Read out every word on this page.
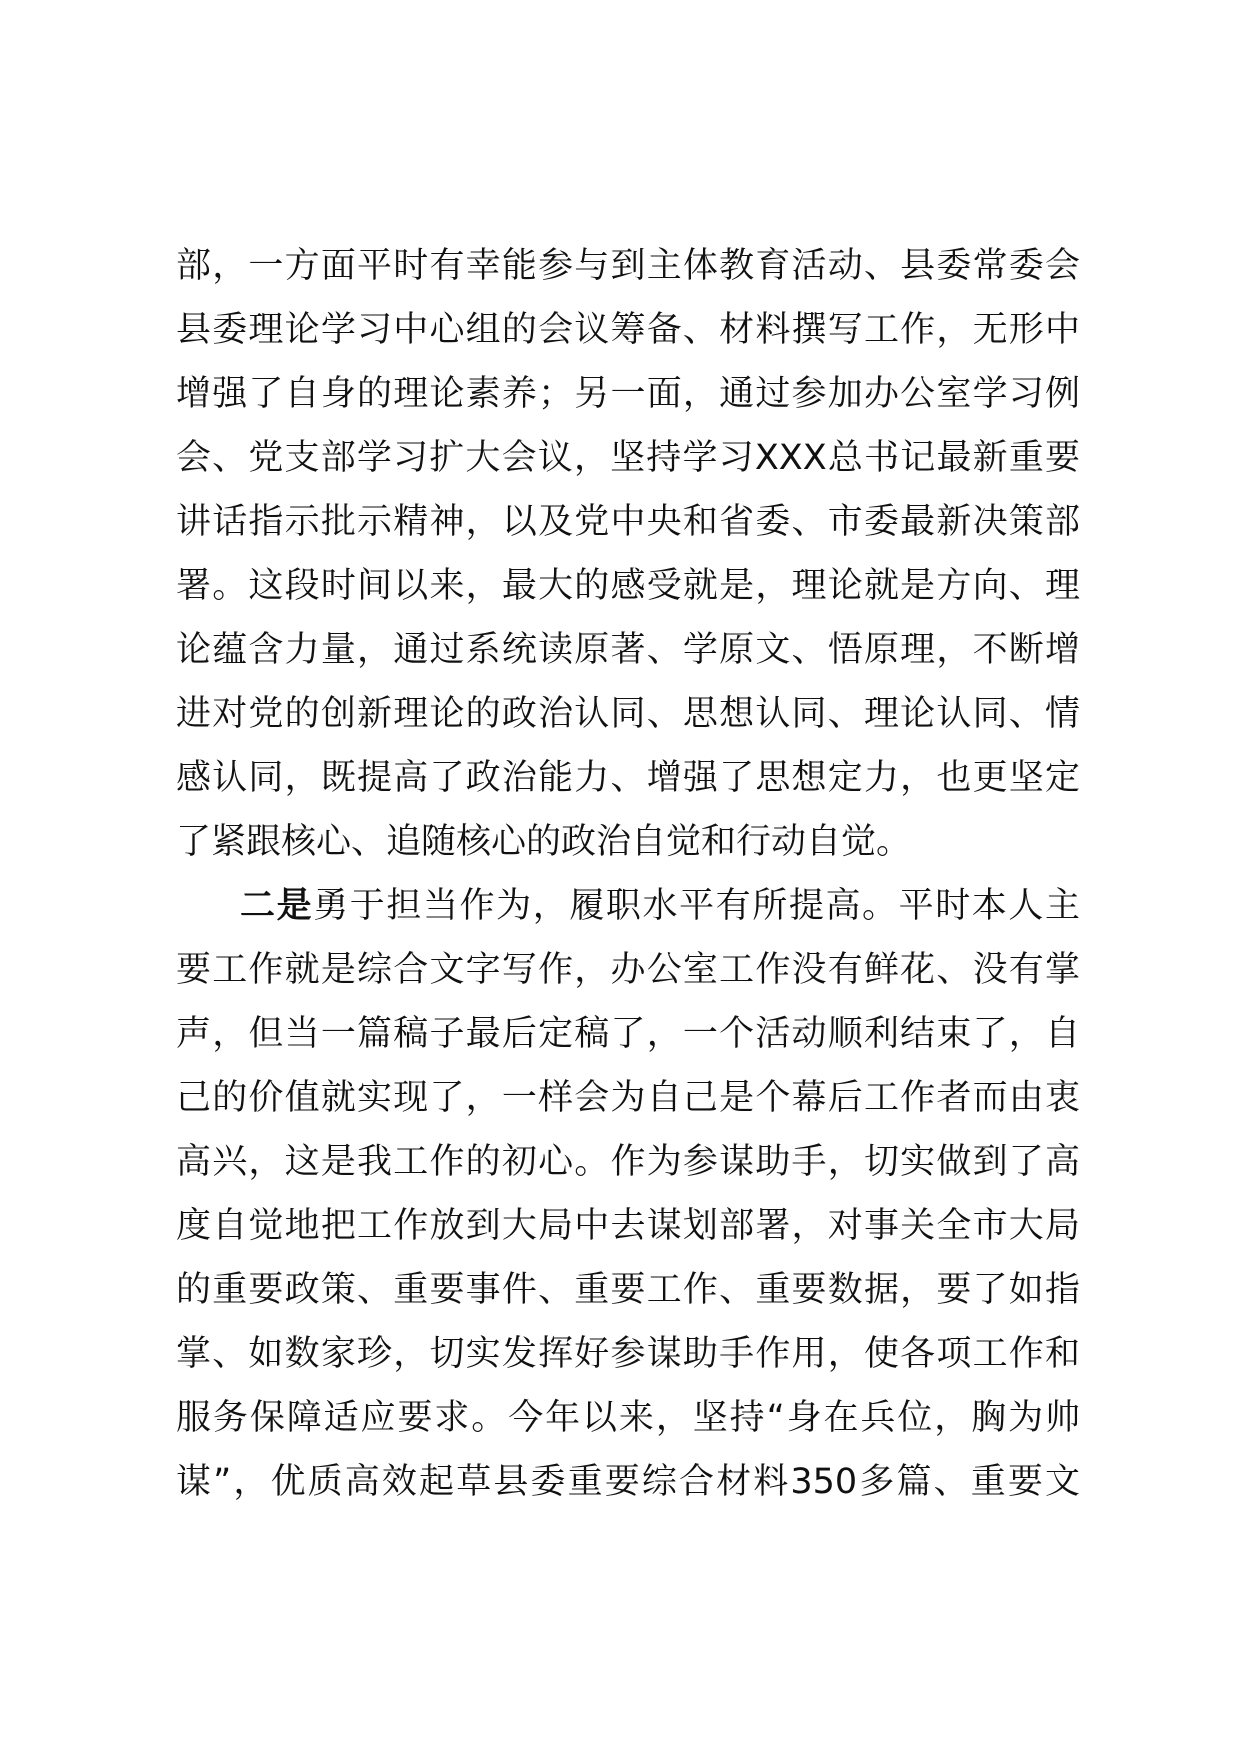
部，一方面平时有幸能参与到主体教育活动、县委常委会
县委理论学习中心组的会议筹备、材料撰写工作，无形中
增强了自身的理论素养；另一面，通过参加办公室学习例
会、党支部学习扩大会议，坚持学习XXX总书记最新重要
讲话指示批示精神，以及党中央和省委、市委最新决策部
署。这段时间以来，最大的感受就是，理论就是方向、理
论蕴含力量，通过系统读原著、学原文、悟原理，不断增
进对党的创新理论的政治认同、思想认同、理论认同、情
感认同，既提高了政治能力、增强了思想定力，也更坚定
了紧跟核心、追随核心的政治自觉和行动自觉。
二是勇于担当作为，履职水平有所提高。平时本人主
要工作就是综合文字写作，办公室工作没有鲜花、没有掌
声，但当一篇稿子最后定稿了，一个活动顺利结束了，自
己的价值就实现了，一样会为自己是个幕后工作者而由衷
高兴，这是我工作的初心。作为参谋助手，切实做到了高
度自觉地把工作放到大局中去谋划部署，对事关全市大局
的重要政策、重要事件、重要工作、重要数据，要了如指
掌、如数家珍，切实发挥好参谋助手作用，使各项工作和
服务保障适应要求。今年以来，坚持“身在兵位，胸为帅
谋”，优质高效起草县委重要综合材料350多篇、重要文
